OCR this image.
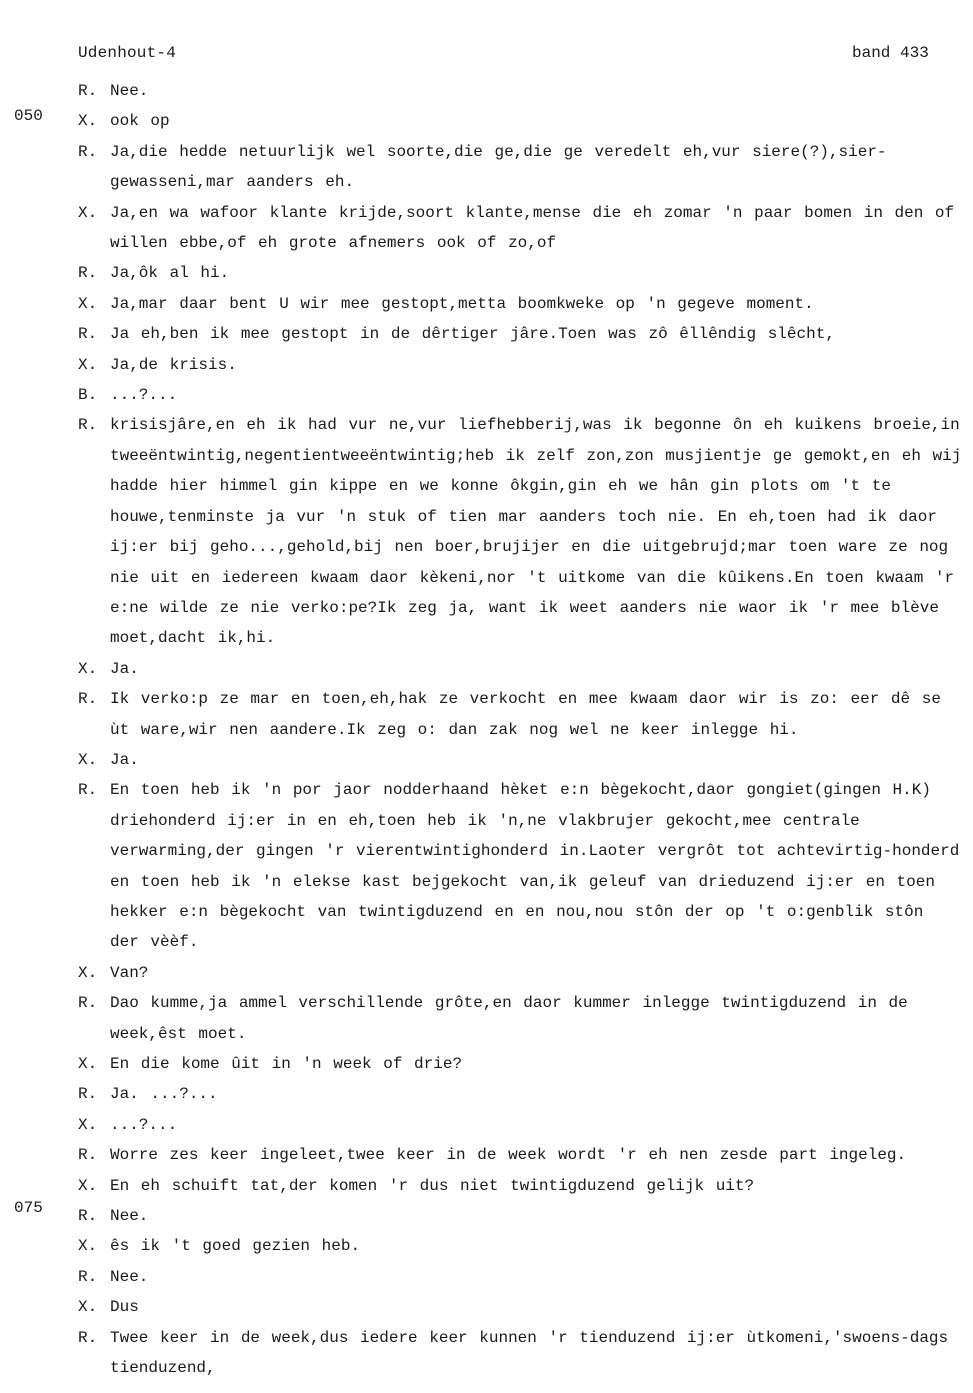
Udenhout-4	band 433
050
075
R. Nee.
X. ook op
R. Ja,die hedde netuurlijk wel soorte,die ge,die ge veredelt eh,vur siere(?),sier-gewasseni,mar aanders eh.
X. Ja,en wa wafoor klante krijde,soort klante,mense die eh zomar 'n paar bomen in den of willen ebbe,of eh grote afnemers ook of zo,of
R. Ja,ôk al hi.
X. Ja,mar daar bent U wir mee gestopt,metta boomkweke op 'n gegeve moment.
R. Ja eh,ben ik mee gestopt in de dêrtiger jâre.Toen was zô êllêndig slêcht,
X. Ja,de krisis.
B. ...?...
R. krisisjâre,en eh ik had vur ne,vur liefhebberij,was ik begonne ôn eh kuikens broeie,in tweeëntwintig,negentientweeëntwintig;heb ik zelf zon,zon musjientje ge gemokt,en eh wij hadde hier himmel gin kippe en we konne ôkgin,gin eh we hân gin plots om 't te houwe,tenminste ja vur 'n stuk of tien mar aanders toch nie. En eh,toen had ik daor ij:er bij geho...,gehold,bij nen boer,brujijer en die uitgebrujd;mar toen ware ze nog nie uit en iedereen kwaam daor kèkeni,nor 't uitkome van die kûikens.En toen kwaam 'r e:ne wilde ze nie verko:pe?Ik zeg ja, want ik weet aanders nie waor ik 'r mee blève moet,dacht ik,hi.
X. Ja.
R. Ik verko:p ze mar en toen,eh,hak ze verkocht en mee kwaam daor wir is zo: eer dê se ùt ware,wir nen aandere.Ik zeg o: dan zak nog wel ne keer inlegge hi.
X. Ja.
R. En toen heb ik 'n por jaor nodderhaand hèket e:n bègekocht,daor gongiet(gingen H.K) driehonderd ij:er in en eh,toen heb ik 'n,ne vlakbrujer gekocht,mee centrale verwarming,der gingen 'r vierentwintighonderd in.Laoter vergrôt tot achtevirtig-honderd en toen heb ik 'n elekse kast bejgekocht van,ik geleuf van drieduzend ij:er en toen hekker e:n bègekocht van twintigduzend en en nou,nou stôn der op 't o:genblik stôn der vèèf.
X. Van?
R. Dao kumme,ja ammel verschillende grôte,en daor kummer inlegge twintigduzend in de week,êst moet.
X. En die kome ûit in 'n week of drie?
R. Ja. ...?...
X. ...?...
R. Worre zes keer ingeleet,twee keer in de week wordt 'r eh nen zesde part ingeleg.
X. En eh schuift tat,der komen 'r dus niet twintigduzend gelijk uit?
R. Nee.
X. ês ik 't goed gezien heb.
R. Nee.
X. Dus
R. Twee keer in de week,dus iedere keer kunnen 'r tienduzend ij:er ùtkomeni,'swoens-dags tienduzend,
